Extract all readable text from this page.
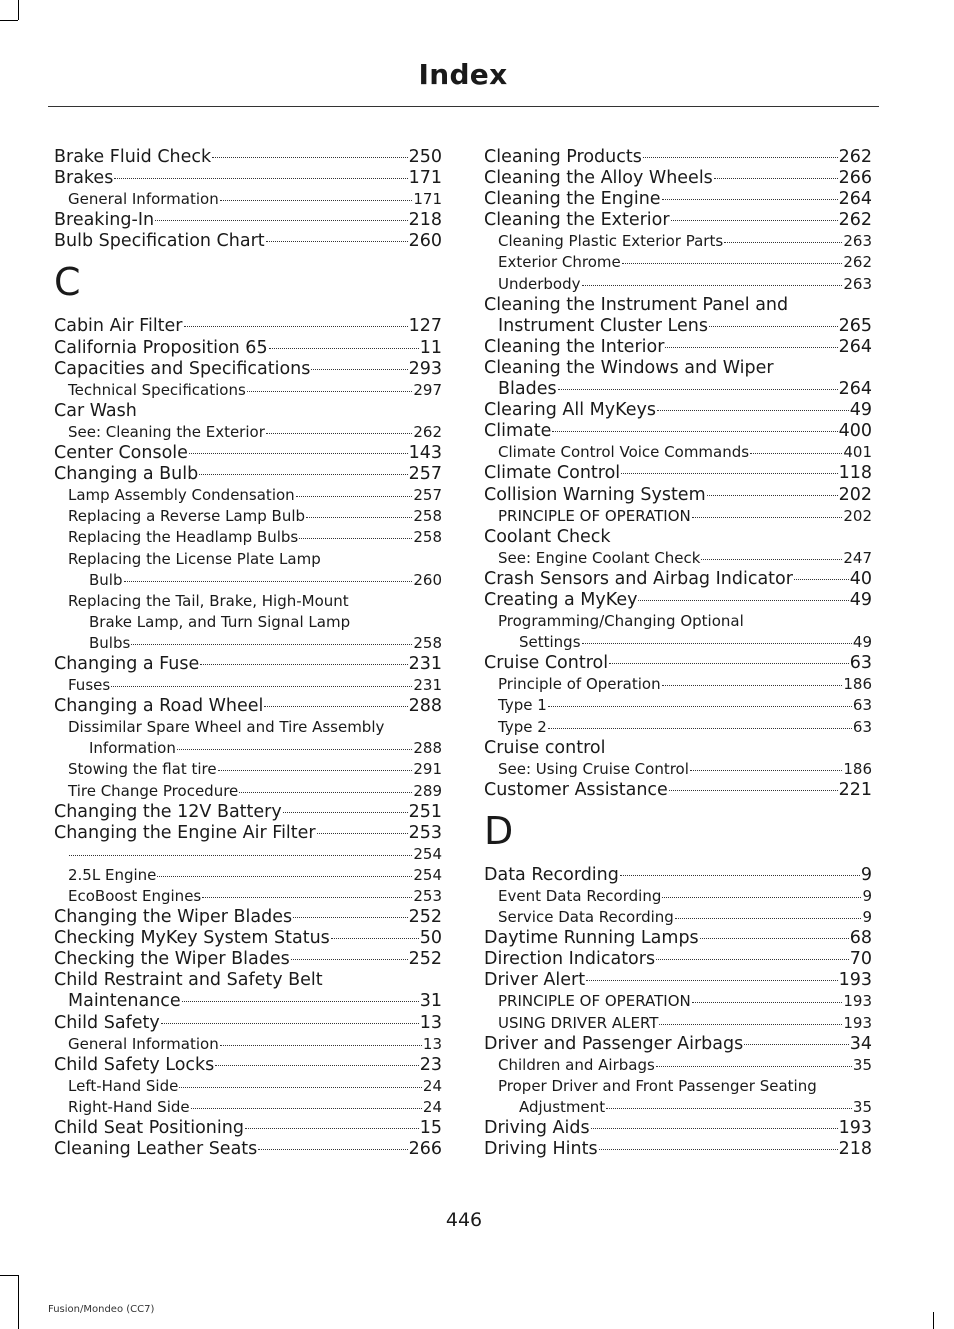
Index
Brake Fluid Check	250
Brakes	171
General Information	171
Breaking-In	218
Bulb Specification Chart	260
C
Cabin Air Filter	127
California Proposition 65	11
Capacities and Specifications	293
Technical Specifications	297
Car Wash
See: Cleaning the Exterior	262
Center Console	143
Changing a Bulb	257
Lamp Assembly Condensation	257
Replacing a Reverse Lamp Bulb	258
Replacing the Headlamp Bulbs	258
Replacing the License Plate Lamp
Bulb	260
Replacing the Tail, Brake, High-Mount
Brake Lamp, and Turn Signal Lamp
Bulbs	258
Changing a Fuse	231
Fuses	231
Changing a Road Wheel	288
Dissimilar Spare Wheel and Tire Assembly
Information	288
Stowing the flat tire	291
Tire Change Procedure	289
Changing the 12V Battery	251
Changing the Engine Air Filter	253
254
2.5L Engine	254
EcoBoost Engines	253
Changing the Wiper Blades	252
Checking MyKey System Status	50
Checking the Wiper Blades	252
Child Restraint and Safety Belt
Maintenance	31
Child Safety	13
General Information	13
Child Safety Locks	23
Left-Hand Side	24
Right-Hand Side	24
Child Seat Positioning	15
Cleaning Leather Seats	266
Cleaning Products	262
Cleaning the Alloy Wheels	266
Cleaning the Engine	264
Cleaning the Exterior	262
Cleaning Plastic Exterior Parts	263
Exterior Chrome	262
Underbody	263
Cleaning the Instrument Panel and
Instrument Cluster Lens	265
Cleaning the Interior	264
Cleaning the Windows and Wiper
Blades	264
Clearing All MyKeys	49
Climate	400
Climate Control Voice Commands	401
Climate Control	118
Collision Warning System	202
PRINCIPLE OF OPERATION	202
Coolant Check
See: Engine Coolant Check	247
Crash Sensors and Airbag Indicator	40
Creating a MyKey	49
Programming/Changing Optional
Settings	49
Cruise Control	63
Principle of Operation	186
Type 1	63
Type 2	63
Cruise control
See: Using Cruise Control	186
Customer Assistance	221
D
Data Recording	9
Event Data Recording	9
Service Data Recording	9
Daytime Running Lamps	68
Direction Indicators	70
Driver Alert	193
PRINCIPLE OF OPERATION	193
USING DRIVER ALERT	193
Driver and Passenger Airbags	34
Children and Airbags	35
Proper Driver and Front Passenger Seating
Adjustment	35
Driving Aids	193
Driving Hints	218
446
Fusion/Mondeo (CC7)
